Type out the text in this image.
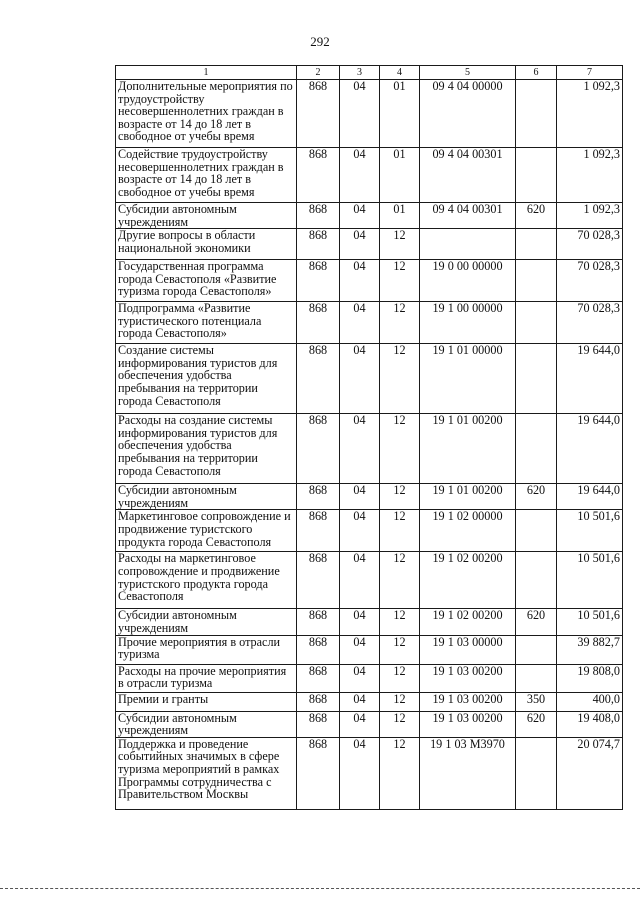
292
1	2	3	4	5	6	7
Дополнительные мероприятия по трудоустройству несовершеннолетних граждан в возрасте от 14 до 18 лет в свободное от учебы время	868	04	01	09 4 04 00000		1 092,3
Содействие трудоустройству несовершеннолетних граждан в возрасте от 14 до 18 лет в свободное от учебы время	868	04	01	09 4 04 00301		1 092,3
Субсидии автономным учреждениям	868	04	01	09 4 04 00301	620	1 092,3
Другие вопросы в области национальной экономики	868	04	12			70 028,3
Государственная программа города Севастополя «Развитие туризма города Севастополя»	868	04	12	19 0 00 00000		70 028,3
Подпрограмма «Развитие туристического потенциала города Севастополя»	868	04	12	19 1 00 00000		70 028,3
Создание системы информирования туристов для обеспечения удобства пребывания на территории города Севастополя	868	04	12	19 1 01 00000		19 644,0
Расходы на создание системы информирования туристов для обеспечения удобства пребывания на территории города Севастополя	868	04	12	19 1 01 00200		19 644,0
Субсидии автономным учреждениям	868	04	12	19 1 01 00200	620	19 644,0
Маркетинговое сопровождение и продвижение туристского продукта города Севастополя	868	04	12	19 1 02 00000		10 501,6
Расходы на маркетинговое сопровождение и продвижение туристского продукта города Севастополя	868	04	12	19 1 02 00200		10 501,6
Субсидии автономным учреждениям	868	04	12	19 1 02 00200	620	10 501,6
Прочие мероприятия в отрасли туризма	868	04	12	19 1 03 00000		39 882,7
Расходы на прочие мероприятия в отрасли туризма	868	04	12	19 1 03 00200		19 808,0
Премии и гранты	868	04	12	19 1 03 00200	350	400,0
Субсидии автономным учреждениям	868	04	12	19 1 03 00200	620	19 408,0
Поддержка и проведение событийных значимых в сфере туризма мероприятий в рамках Программы сотрудничества с Правительством Москвы	868	04	12	19 1 03 М3970		20 074,7
